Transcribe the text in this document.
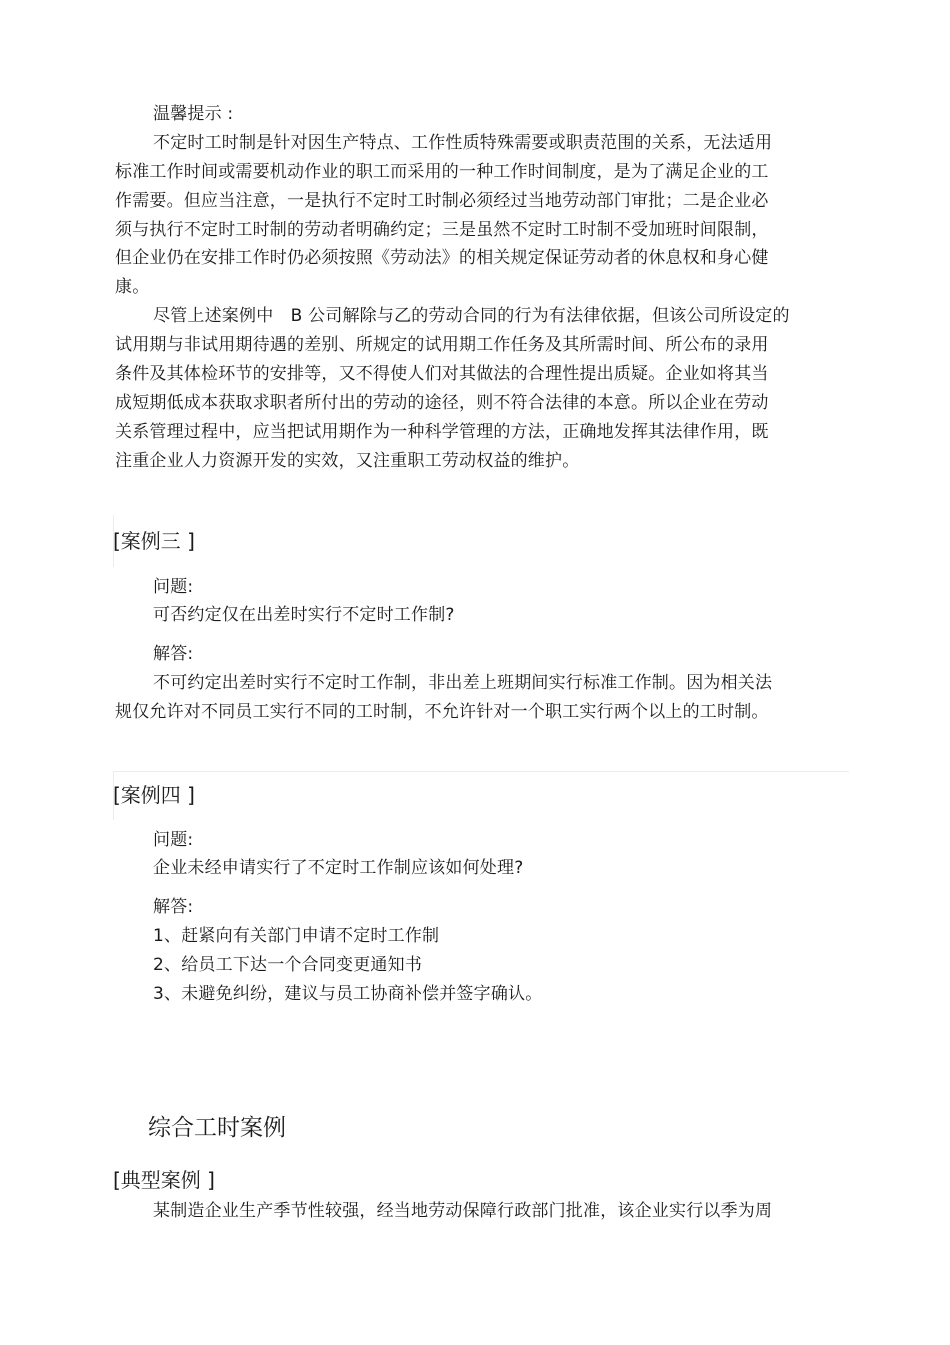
温馨提示 :
不定时工时制是针对因生产特点、工作性质特殊需要或职责范围的关系，无法适用
标准工作时间或需要机动作业的职工而采用的一种工作时间制度，是为了满足企业的工
作需要。但应当注意，一是执行不定时工时制必须经过当地劳动部门审批；二是企业必
须与执行不定时工时制的劳动者明确约定；三是虽然不定时工时制不受加班时间限制，
但企业仍在安排工作时仍必须按照《劳动法》的相关规定保证劳动者的休息权和身心健
康。
尽管上述案例中　B 公司解除与乙的劳动合同的行为有法律依据，但该公司所设定的
试用期与非试用期待遇的差别、所规定的试用期工作任务及其所需时间、所公布的录用
条件及其体检环节的安排等，又不得使人们对其做法的合理性提出质疑。企业如将其当
成短期低成本获取求职者所付出的劳动的途径，则不符合法律的本意。所以企业在劳动
关系管理过程中，应当把试用期作为一种科学管理的方法，正确地发挥其法律作用，既
注重企业人力资源开发的实效，又注重职工劳动权益的维护。
[案例三 ]
问题:
可否约定仅在出差时实行不定时工作制?
解答:
不可约定出差时实行不定时工作制，非出差上班期间实行标准工作制。因为相关法
规仅允许对不同员工实行不同的工时制，不允许针对一个职工实行两个以上的工时制。
[案例四 ]
问题:
企业未经申请实行了不定时工作制应该如何处理?
解答:
1、赶紧向有关部门申请不定时工作制
2、给员工下达一个合同变更通知书
3、未避免纠纷，建议与员工协商补偿并签字确认。
综合工时案例
[典型案例 ]
某制造企业生产季节性较强，经当地劳动保障行政部门批准，该企业实行以季为周
